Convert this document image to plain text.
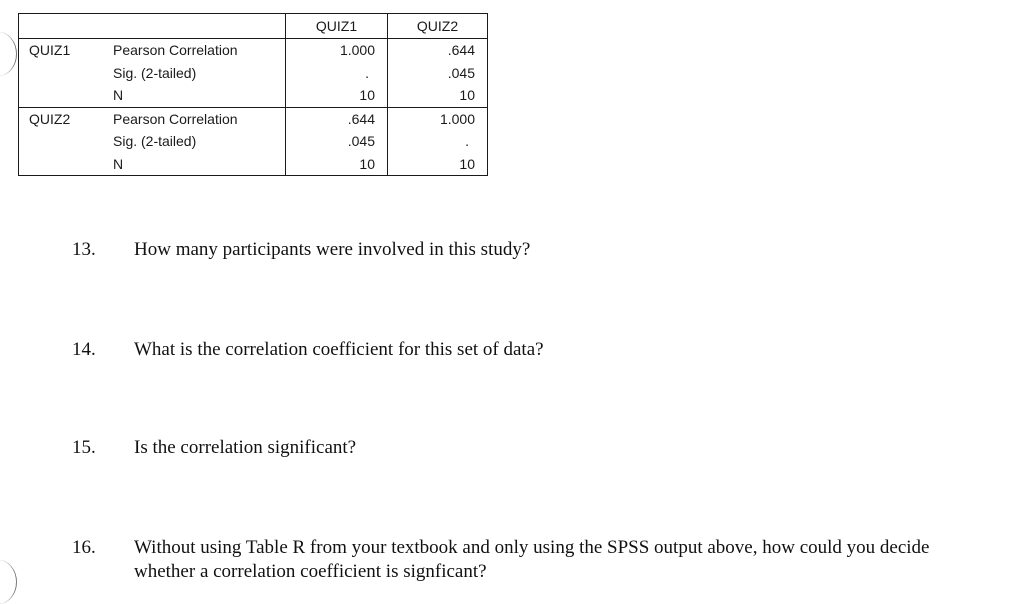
		QUIZ1	QUIZ2
QUIZ1	Pearson Correlation	1.000	.644
	Sig. (2-tailed)	.	.045
	N	10	10
QUIZ2	Pearson Correlation	.644	1.000
	Sig. (2-tailed)	.045	.
	N	10	10
13.	How many participants were involved in this study?
14.	What is the correlation coefficient for this set of data?
15.	Is the correlation significant?
16.	Without using Table R from your textbook and only using the SPSS output above, how could you decide whether a correlation coefficient is signficant?
